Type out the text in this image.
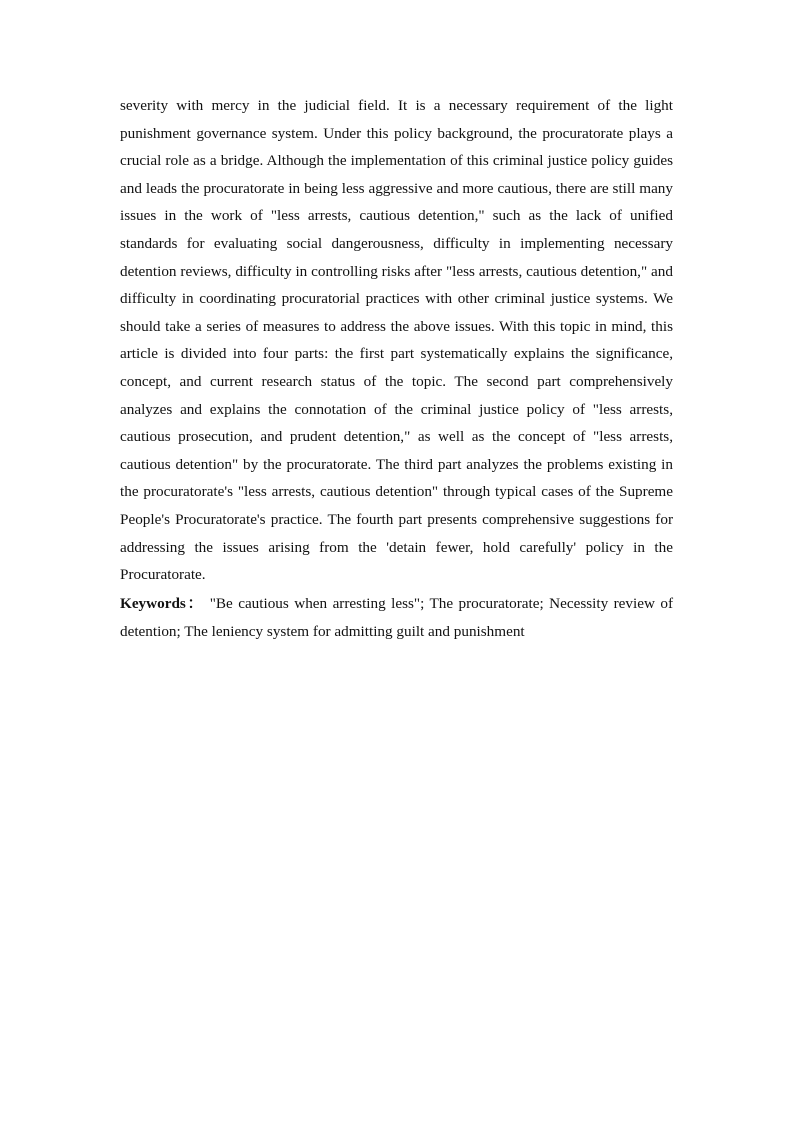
severity with mercy in the judicial field. It is a necessary requirement of the light punishment governance system. Under this policy background, the procuratorate plays a crucial role as a bridge. Although the implementation of this criminal justice policy guides and leads the procuratorate in being less aggressive and more cautious, there are still many issues in the work of "less arrests, cautious detention," such as the lack of unified standards for evaluating social dangerousness, difficulty in implementing necessary detention reviews, difficulty in controlling risks after "less arrests, cautious detention," and difficulty in coordinating procuratorial practices with other criminal justice systems. We should take a series of measures to address the above issues. With this topic in mind, this article is divided into four parts: the first part systematically explains the significance, concept, and current research status of the topic. The second part comprehensively analyzes and explains the connotation of the criminal justice policy of "less arrests, cautious prosecution, and prudent detention," as well as the concept of "less arrests, cautious detention" by the procuratorate. The third part analyzes the problems existing in the procuratorate's "less arrests, cautious detention" through typical cases of the Supreme People's Procuratorate's practice. The fourth part presents comprehensive suggestions for addressing the issues arising from the 'detain fewer, hold carefully' policy in the Procuratorate.

Keywords： "Be cautious when arresting less"; The procuratorate; Necessity review of detention; The leniency system for admitting guilt and punishment
